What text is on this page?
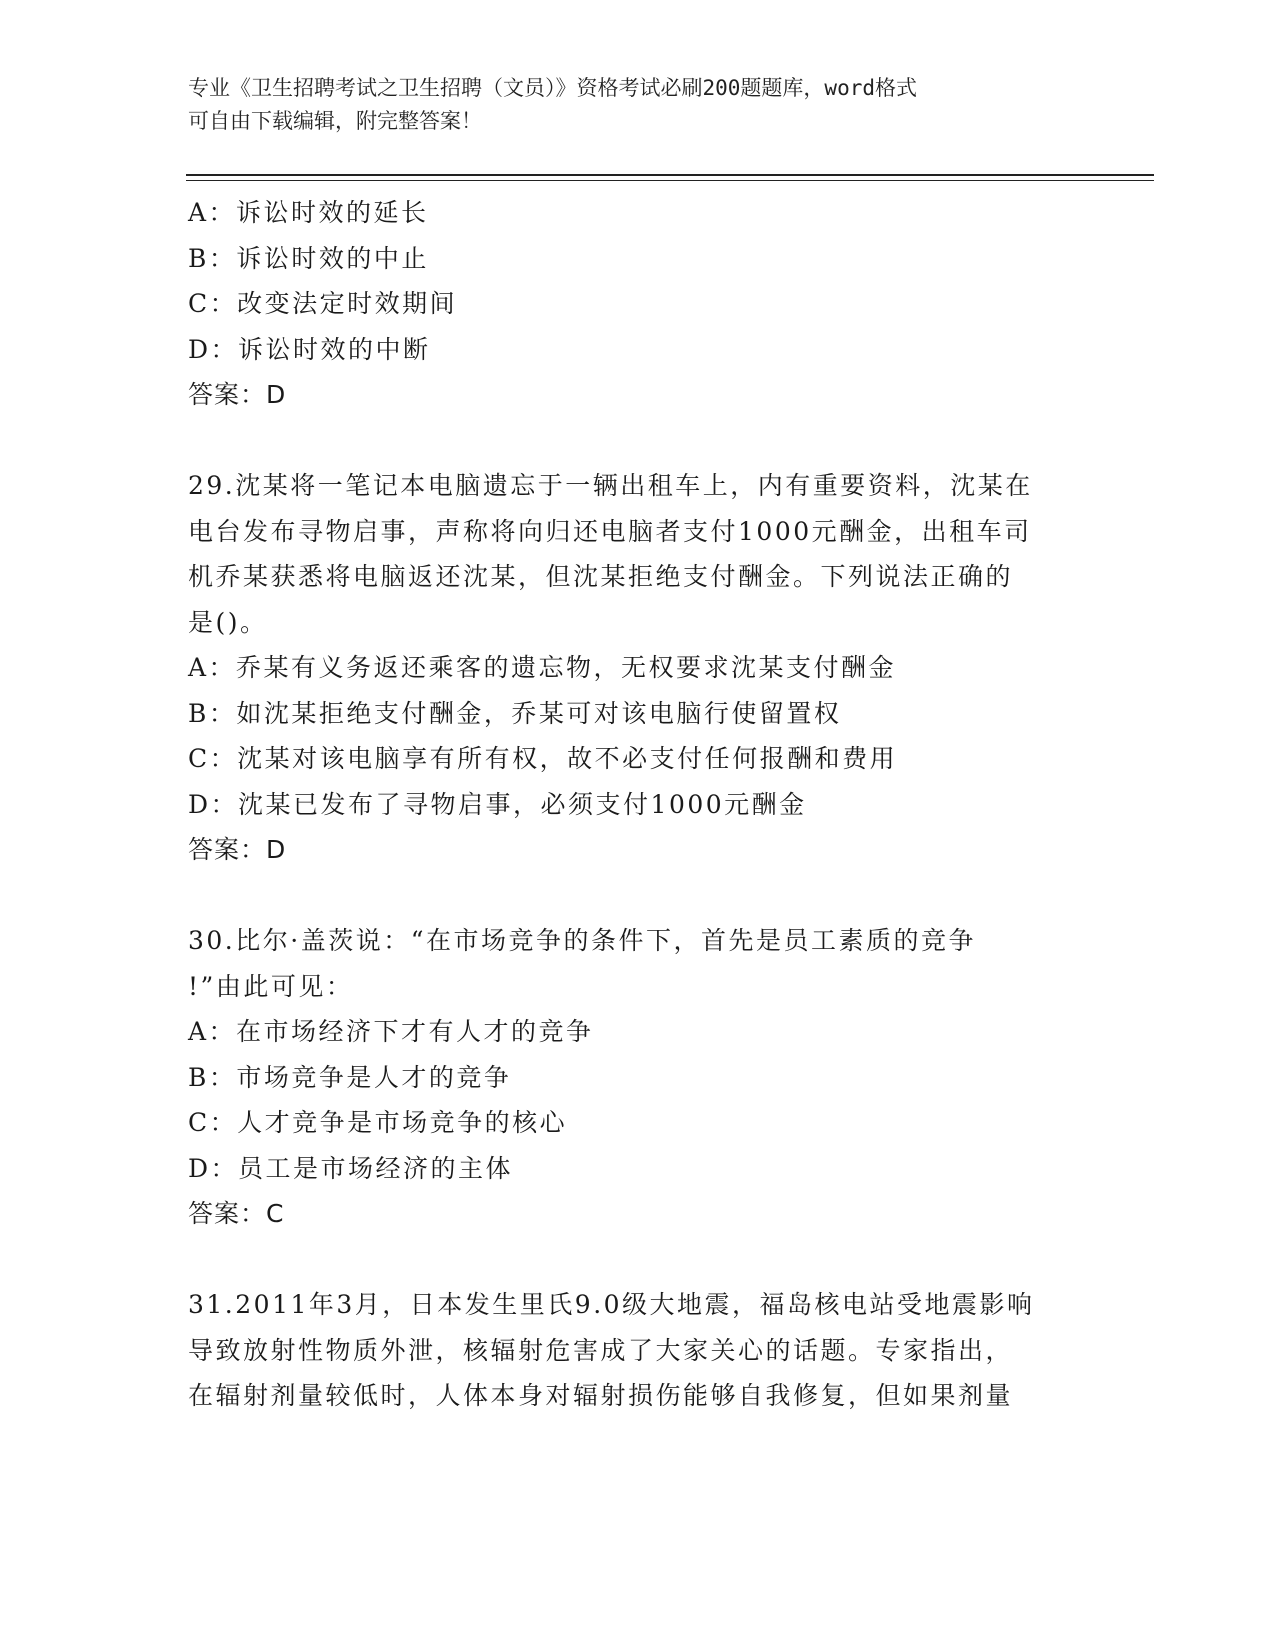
专业《卫生招聘考试之卫生招聘（文员）》资格考试必刷200题题库，word格式
可自由下载编辑，附完整答案！
A：诉讼时效的延长
B：诉讼时效的中止
C：改变法定时效期间
D：诉讼时效的中断
答案：D
29.沈某将一笔记本电脑遗忘于一辆出租车上，内有重要资料，沈某在
电台发布寻物启事，声称将向归还电脑者支付1000元酬金，出租车司
机乔某获悉将电脑返还沈某，但沈某拒绝支付酬金。下列说法正确的
是()。
A：乔某有义务返还乘客的遗忘物，无权要求沈某支付酬金
B：如沈某拒绝支付酬金，乔某可对该电脑行使留置权
C：沈某对该电脑享有所有权，故不必支付任何报酬和费用
D：沈某已发布了寻物启事，必须支付1000元酬金
答案：D
30.比尔·盖茨说：“在市场竞争的条件下，首先是员工素质的竞争
!”由此可见：
A：在市场经济下才有人才的竞争
B：市场竞争是人才的竞争
C：人才竞争是市场竞争的核心
D：员工是市场经济的主体
答案：C
31.2011年3月，日本发生里氏9.0级大地震，福岛核电站受地震影响
导致放射性物质外泄，核辐射危害成了大家关心的话题。专家指出，
在辐射剂量较低时，人体本身对辐射损伤能够自我修复，但如果剂量
